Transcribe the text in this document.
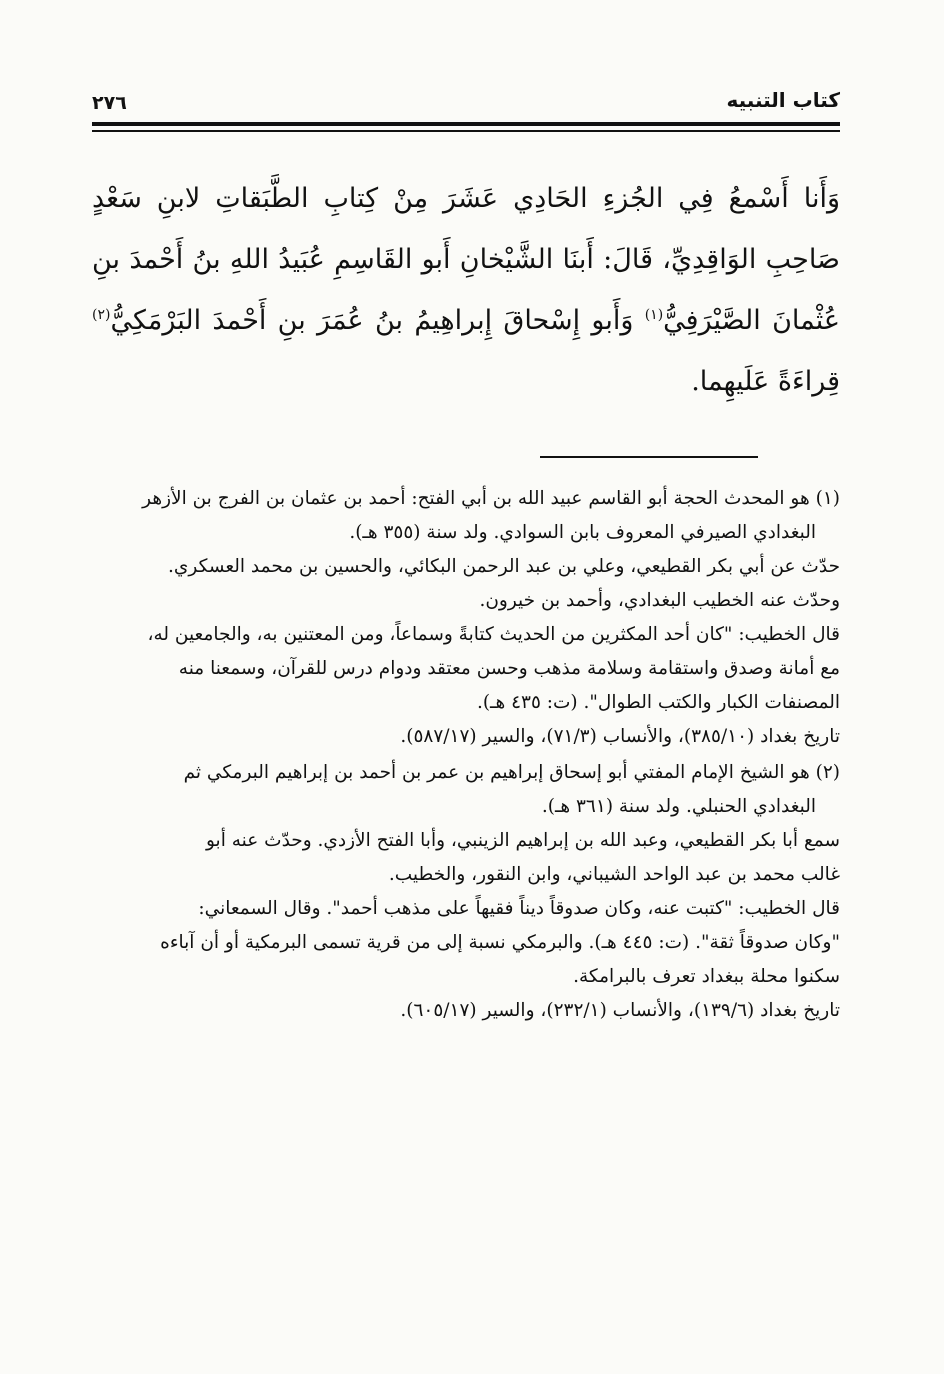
كتاب التنبيه
٢٧٦
وَأَنا أَسْمعُ فِي الجُزءِ الحَادِي عَشَرَ مِنْ كِتابِ الطَّبَقاتِ لابنِ سَعْدٍ صَاحِبِ الوَاقِدِيِّ، قَالَ: أَبنَا الشَّيْخانِ أَبو القَاسِمِ عُبَيدُ اللهِ بنُ أَحْمدَ بنِ عُثْمانَ الصَّيْرَفِيُّ$^{(١)}$ وَأَبو إِسْحاقَ إِبراهِيمُ بنُ عُمَرَ بنِ أَحْمدَ البَرْمَكِيُّ$^{(٢)}$ قِراءَةً عَلَيهِما.

(١) هو المحدث الحجة أبو القاسم عبيد الله بن أبي الفتح: أحمد بن عثمان بن الفرج بن الأزهر

البغدادي الصيرفي المعروف بابن السوادي. ولد سنة (٣٥٥ هـ).

حدّث عن أبي بكر القطيعي، وعلي بن عبد الرحمن البكائي، والحسين بن محمد العسكري.

وحدّث عنه الخطيب البغدادي، وأحمد بن خيرون.

قال الخطيب: "كان أحد المكثرين من الحديث كتابةً وسماعاً، ومن المعتنين به، والجامعين له،

مع أمانة وصدق واستقامة وسلامة مذهب وحسن معتقد ودوام درس للقرآن، وسمعنا منه

المصنفات الكبار والكتب الطوال". (ت: ٤٣٥ هـ).

تاريخ بغداد (٣٨٥/١٠)، والأنساب (٧١/٣)، والسير (٥٨٧/١٧).

(٢) هو الشيخ الإمام المفتي أبو إسحاق إبراهيم بن عمر بن أحمد بن إبراهيم البرمكي ثم

البغدادي الحنبلي. ولد سنة (٣٦١ هـ).

سمع أبا بكر القطيعي، وعبد الله بن إبراهيم الزينبي، وأبا الفتح الأزدي. وحدّث عنه أبو

غالب محمد بن عبد الواحد الشيباني، وابن النقور، والخطيب.

قال الخطيب: "كتبت عنه، وكان صدوقاً ديناً فقيهاً على مذهب أحمد". وقال السمعاني:

"وكان صدوقاً ثقة". (ت: ٤٤٥ هـ). والبرمكي نسبة إلى من قرية تسمى البرمكية أو أن آباءه

سكنوا محلة ببغداد تعرف بالبرامكة.

تاريخ بغداد (١٣٩/٦)، والأنساب (٢٣٢/١)، والسير (٦٠٥/١٧).
